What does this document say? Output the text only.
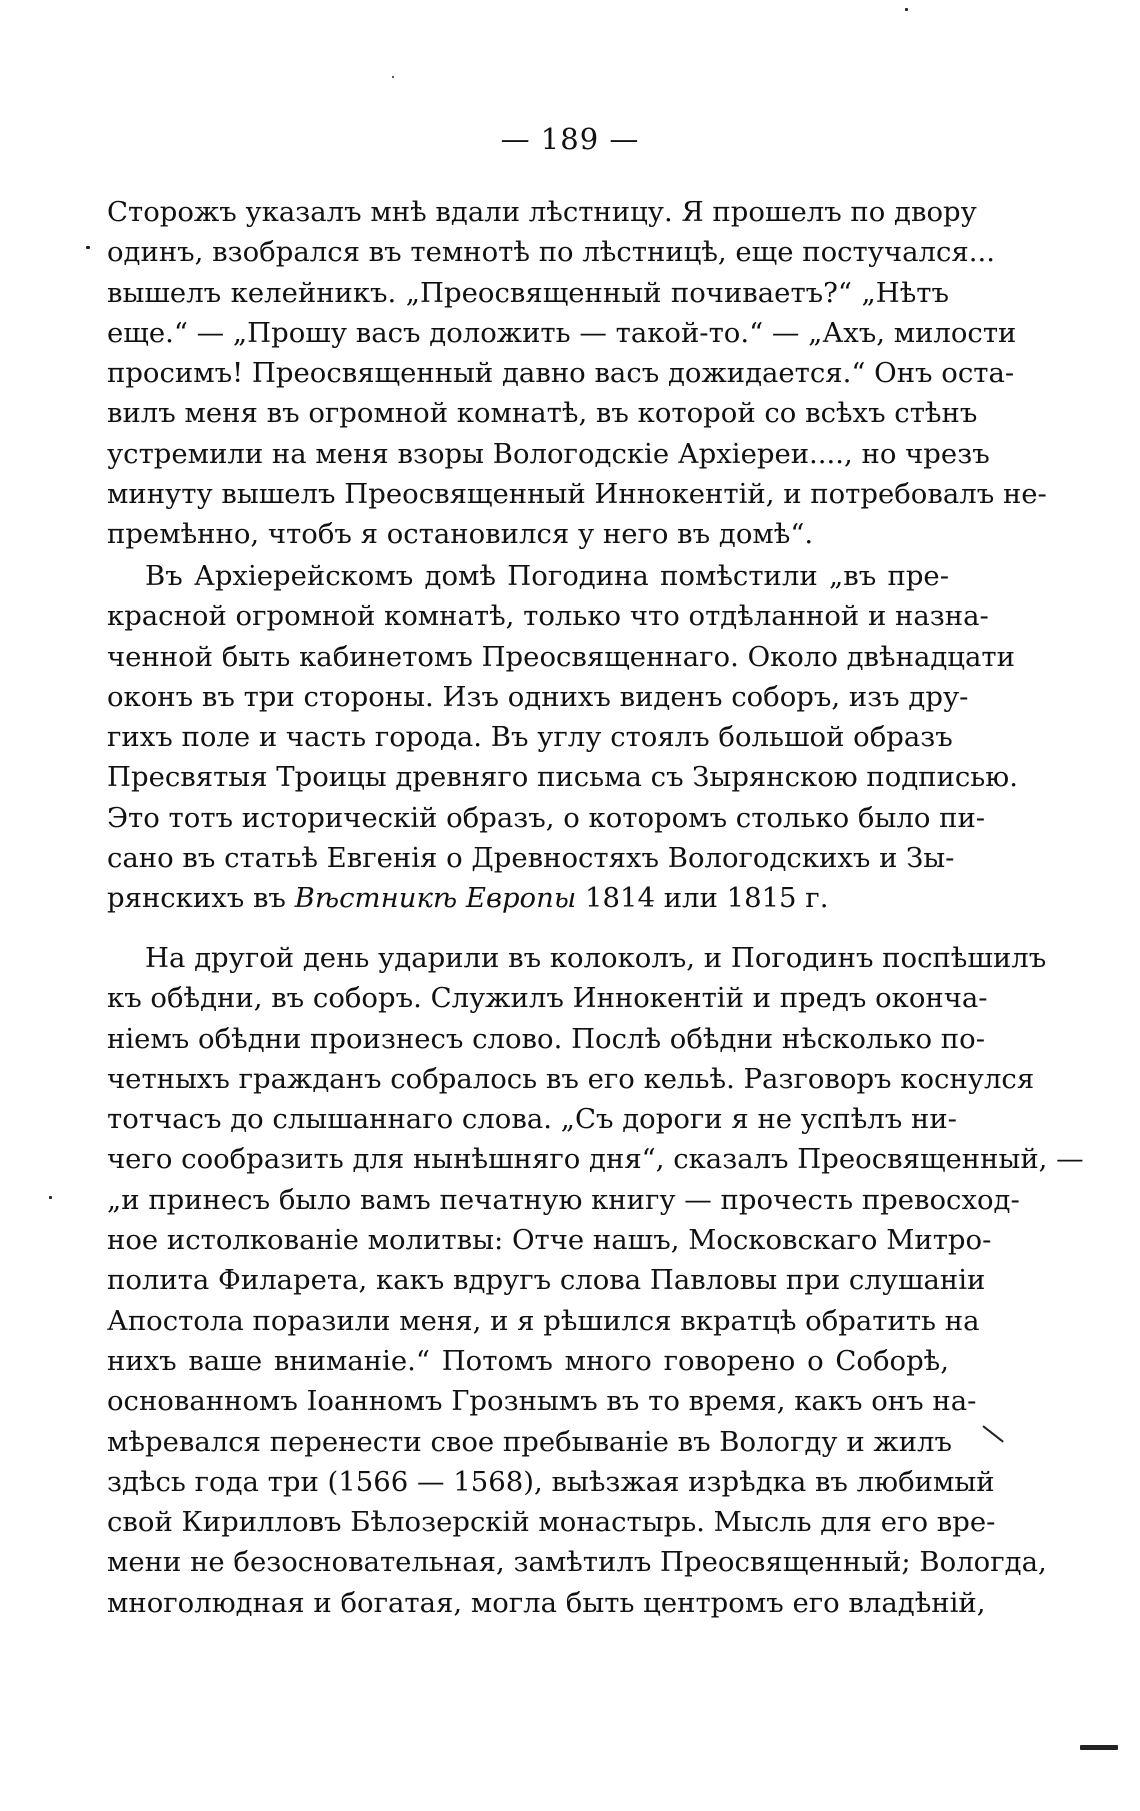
— 189 —
Сторожъ указалъ мнѣ вдали лѣстницу. Я прошелъ по двору
одинъ, взобрался въ темнотѣ по лѣстницѣ, еще постучался...
вышелъ келейникъ. „Преосвященный почиваетъ?“ „Нѣтъ
еще.“ — „Прошу васъ доложить — такой-то.“ — „Ахъ, милости
просимъ! Преосвященный давно васъ дожидается.“ Онъ оста-
вилъ меня въ огромной комнатѣ, въ которой со всѣхъ стѣнъ
устремили на меня взоры Вологодскіе Архіереи...., но чрезъ
минуту вышелъ Преосвященный Иннокентій, и потребовалъ не-
премѣнно, чтобъ я остановился у него въ домѣ“.
Въ Архіерейскомъ домѣ Погодина помѣстили „въ пре-
красной огромной комнатѣ, только что отдѣланной и назна-
ченной быть кабинетомъ Преосвященнаго. Около двѣнадцати
оконъ въ три стороны. Изъ однихъ виденъ соборъ, изъ дру-
гихъ поле и часть города. Въ углу стоялъ большой образъ
Пресвятыя Троицы древняго письма съ Зырянскою подписью.
Это тотъ историческій образъ, о которомъ столько было пи-
сано въ статьѣ Евгенія о Древностяхъ Вологодскихъ и Зы-
рянскихъ въ Вѣстникѣ Европы 1814 или 1815 г.
На другой день ударили въ колоколъ, и Погодинъ поспѣшилъ
къ обѣдни, въ соборъ. Служилъ Иннокентій и предъ оконча-
ніемъ обѣдни произнесъ слово. Послѣ обѣдни нѣсколько по-
четныхъ гражданъ собралось въ его кельѣ. Разговоръ коснулся
тотчасъ до слышаннаго слова. „Съ дороги я не успѣлъ ни-
чего сообразить для нынѣшняго дня“, сказалъ Преосвященный, —
„и принесъ было вамъ печатную книгу — прочесть превосход-
ное истолкованіе молитвы: Отче нашъ, Московскаго Митро-
полита Филарета, какъ вдругъ слова Павловы при слушаніи
Апостола поразили меня, и я рѣшился вкратцѣ обратить на
нихъ ваше вниманіе.“ Потомъ много говорено о Соборѣ,
основанномъ Іоанномъ Грознымъ въ то время, какъ онъ на-
мѣревался перенести свое пребываніе въ Вологду и жилъ
здѣсь года три (1566 — 1568), выѣзжая изрѣдка въ любимый
свой Кирилловъ Бѣлозерскій монастырь. Мысль для его вре-
мени не безосновательная, замѣтилъ Преосвященный; Вологда,
многолюдная и богатая, могла быть центромъ его владѣній,
